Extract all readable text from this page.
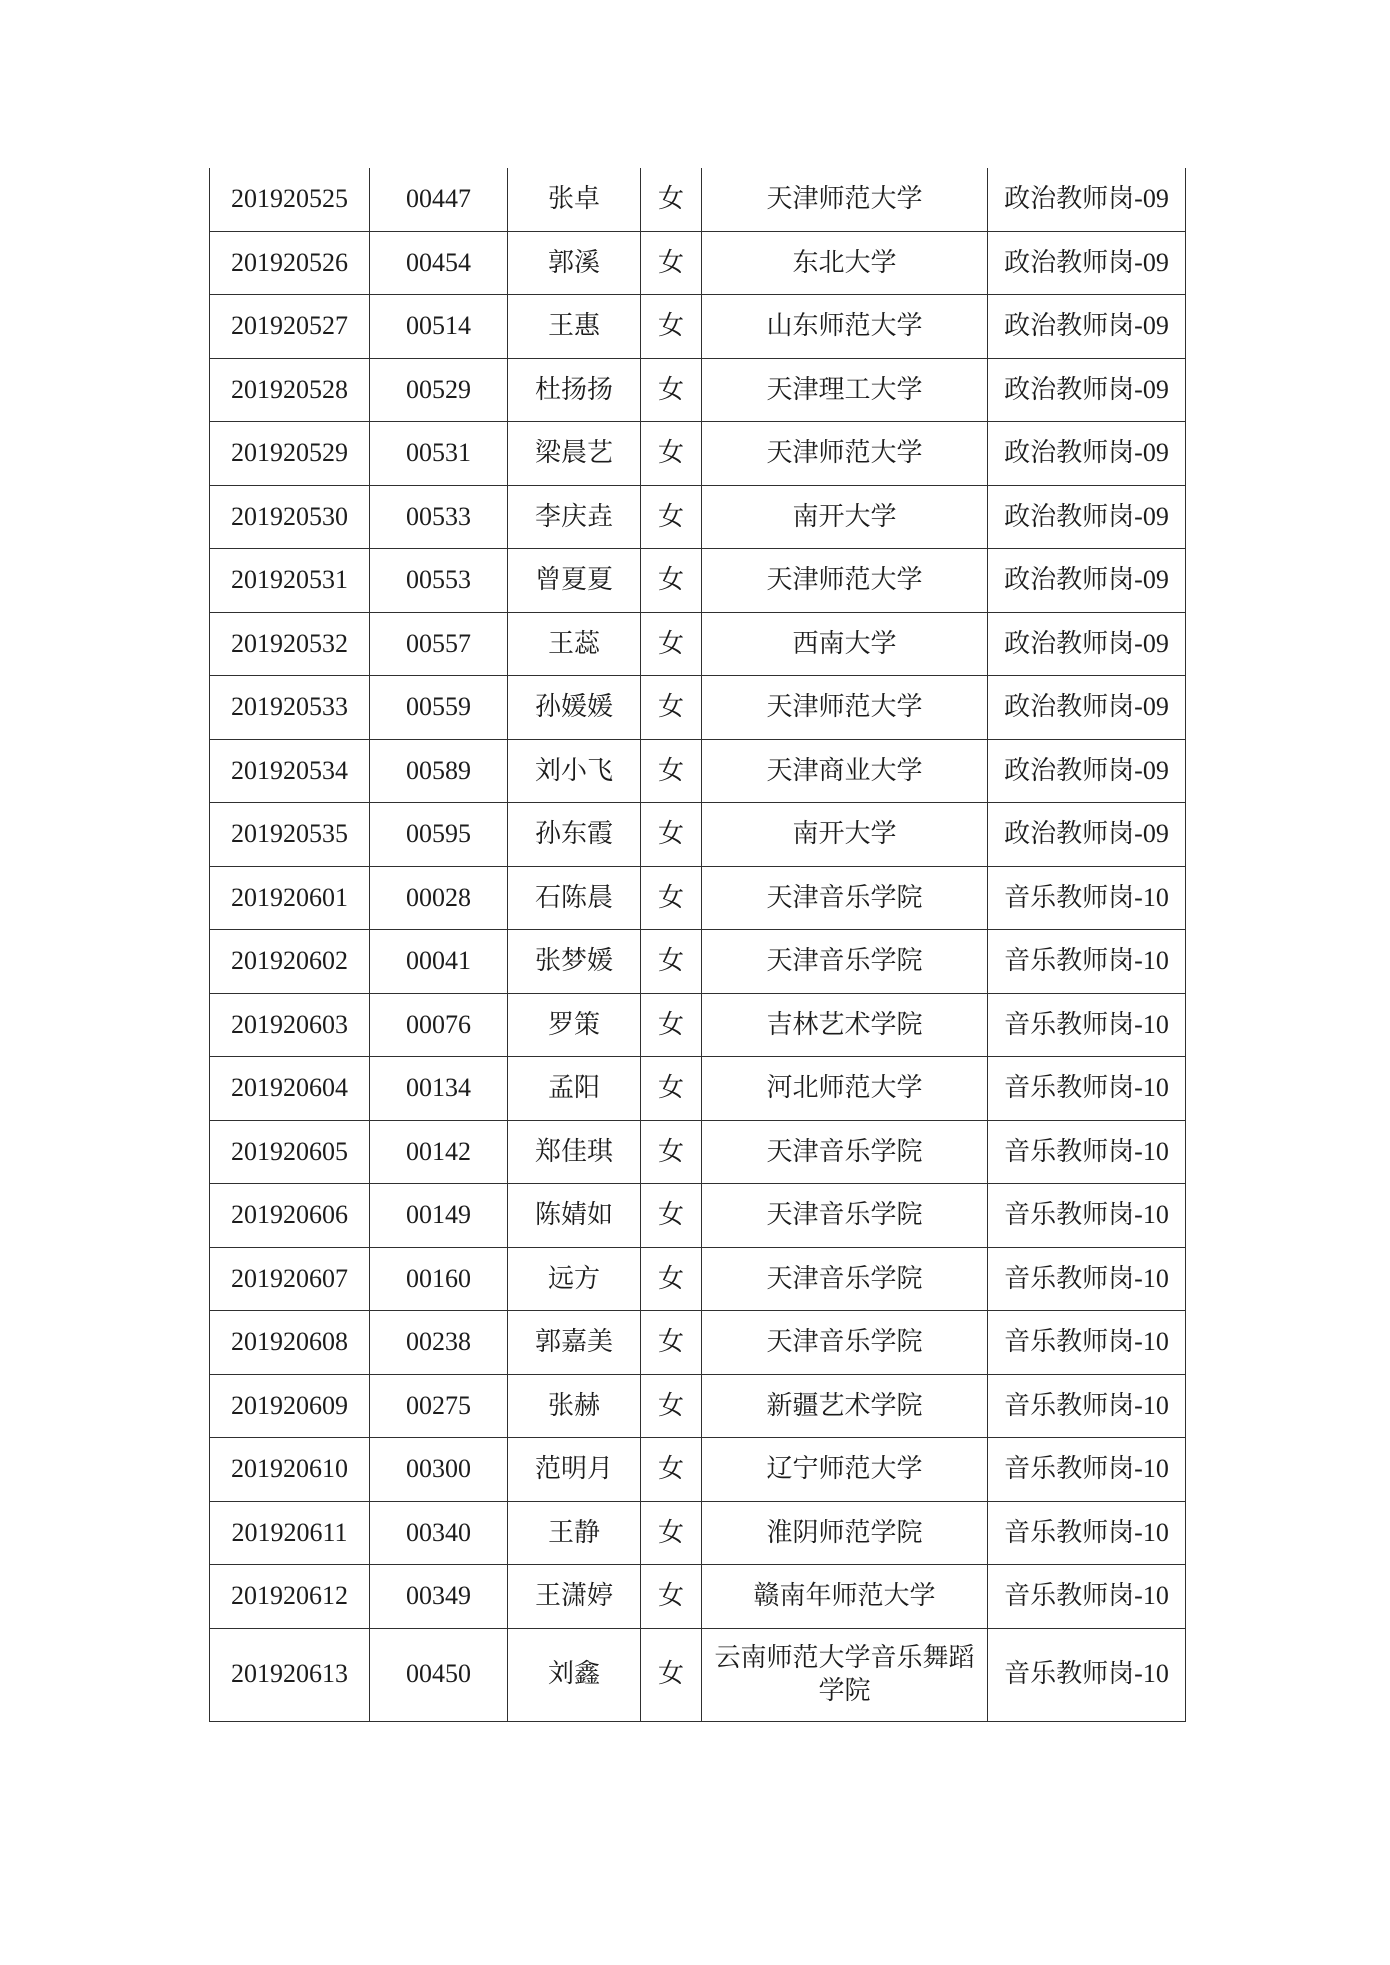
201920525	00447	张卓	女	天津师范大学	政治教师岗-09
201920526	00454	郭溪	女	东北大学	政治教师岗-09
201920527	00514	王惠	女	山东师范大学	政治教师岗-09
201920528	00529	杜扬扬	女	天津理工大学	政治教师岗-09
201920529	00531	梁晨艺	女	天津师范大学	政治教师岗-09
201920530	00533	李庆垚	女	南开大学	政治教师岗-09
201920531	00553	曾夏夏	女	天津师范大学	政治教师岗-09
201920532	00557	王蕊	女	西南大学	政治教师岗-09
201920533	00559	孙媛媛	女	天津师范大学	政治教师岗-09
201920534	00589	刘小飞	女	天津商业大学	政治教师岗-09
201920535	00595	孙东霞	女	南开大学	政治教师岗-09
201920601	00028	石陈晨	女	天津音乐学院	音乐教师岗-10
201920602	00041	张梦媛	女	天津音乐学院	音乐教师岗-10
201920603	00076	罗策	女	吉林艺术学院	音乐教师岗-10
201920604	00134	孟阳	女	河北师范大学	音乐教师岗-10
201920605	00142	郑佳琪	女	天津音乐学院	音乐教师岗-10
201920606	00149	陈婧如	女	天津音乐学院	音乐教师岗-10
201920607	00160	远方	女	天津音乐学院	音乐教师岗-10
201920608	00238	郭嘉美	女	天津音乐学院	音乐教师岗-10
201920609	00275	张赫	女	新疆艺术学院	音乐教师岗-10
201920610	00300	范明月	女	辽宁师范大学	音乐教师岗-10
201920611	00340	王静	女	淮阴师范学院	音乐教师岗-10
201920612	00349	王潇婷	女	赣南年师范大学	音乐教师岗-10
201920613	00450	刘鑫	女	云南师范大学音乐舞蹈学院	音乐教师岗-10
